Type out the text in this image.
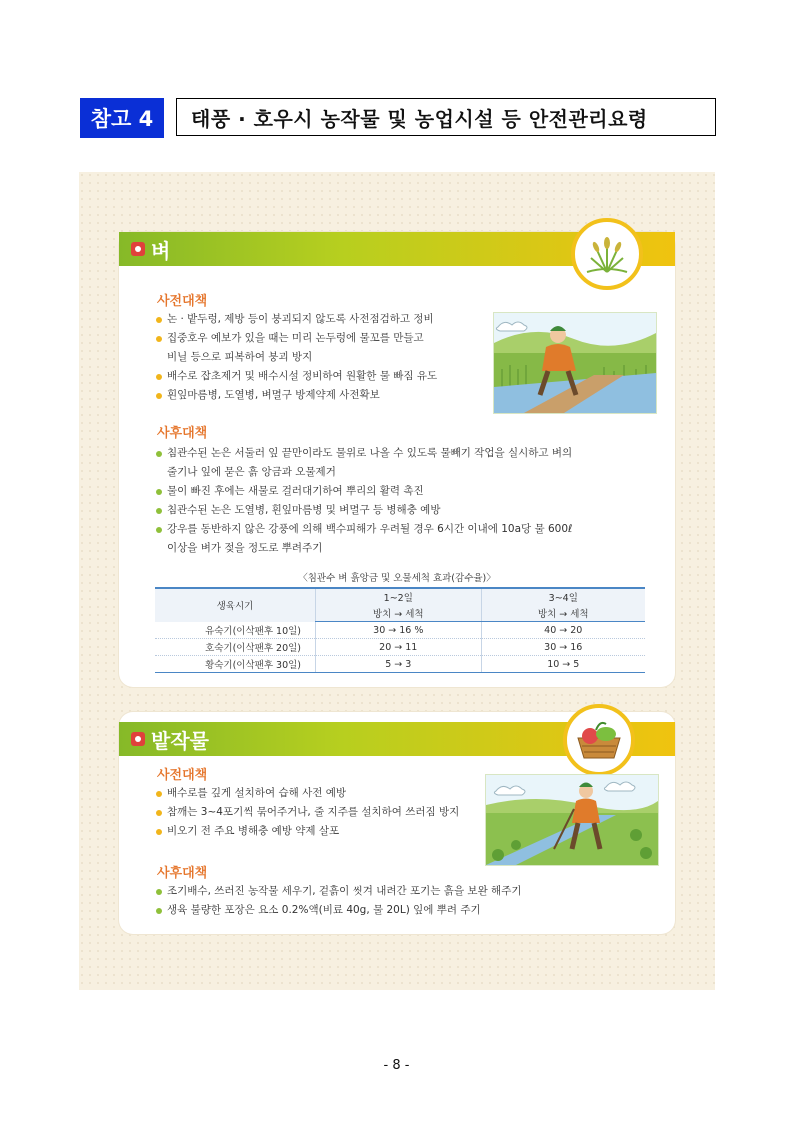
참고 4	태풍 · 호우시 농작물 및 농업시설 등 안전관리요령
벼
사전대책
논 · 밭두렁, 제방 등이 붕괴되지 않도록 사전점검하고 정비
집중호우 예보가 있을 때는 미리 논두렁에 물꼬를 만들고
비닐 등으로 피복하여 붕괴 방지
배수로 잡초제거 및 배수시설 정비하여 원활한 물 빠짐 유도
흰잎마름병, 도열병, 벼멸구 방제약제 사전확보
사후대책
침관수된 논은 서둘러 잎 끝만이라도 물위로 나올 수 있도록 물빼기 작업을 실시하고 벼의
줄기나 잎에 묻은 흙 앙금과 오물제거
물이 빠진 후에는 새물로 걸러대기하여 뿌리의 활력 촉진
침관수된 논은 도열병, 흰잎마름병 및 벼멸구 등 병해충 예방
강우를 동반하지 않은 강풍에 의해 백수피해가 우려될 경우 6시간 이내에 10a당 물 600ℓ
이상을 벼가 젖을 정도로 뿌려주기
〈침관수 벼 흙앙금 및 오물세척 효과(감수율)〉
생육시기	1~2일	3~4일
	방치 → 세척	방치 → 세척
유숙기(이삭팬후 10일)	30 → 16 %	40 → 20
호숙기(이삭팬후 20일)	20 → 11	30 → 16
황숙기(이삭팬후 30일)	5 → 3	10 → 5
밭작물
사전대책
배수로를 깊게 설치하여 습해 사전 예방
참깨는 3~4포기씩 묶어주거나, 줄 지주를 설치하여 쓰러짐 방지
비오기 전 주요 병해충 예방 약제 살포
사후대책
조기배수, 쓰러진 농작물 세우기, 겉흙이 씻겨 내려간 포기는 흙을 보완 해주기
생육 불량한 포장은 요소 0.2%액(비료 40g, 물 20L) 잎에 뿌려 주기
- 8 -
